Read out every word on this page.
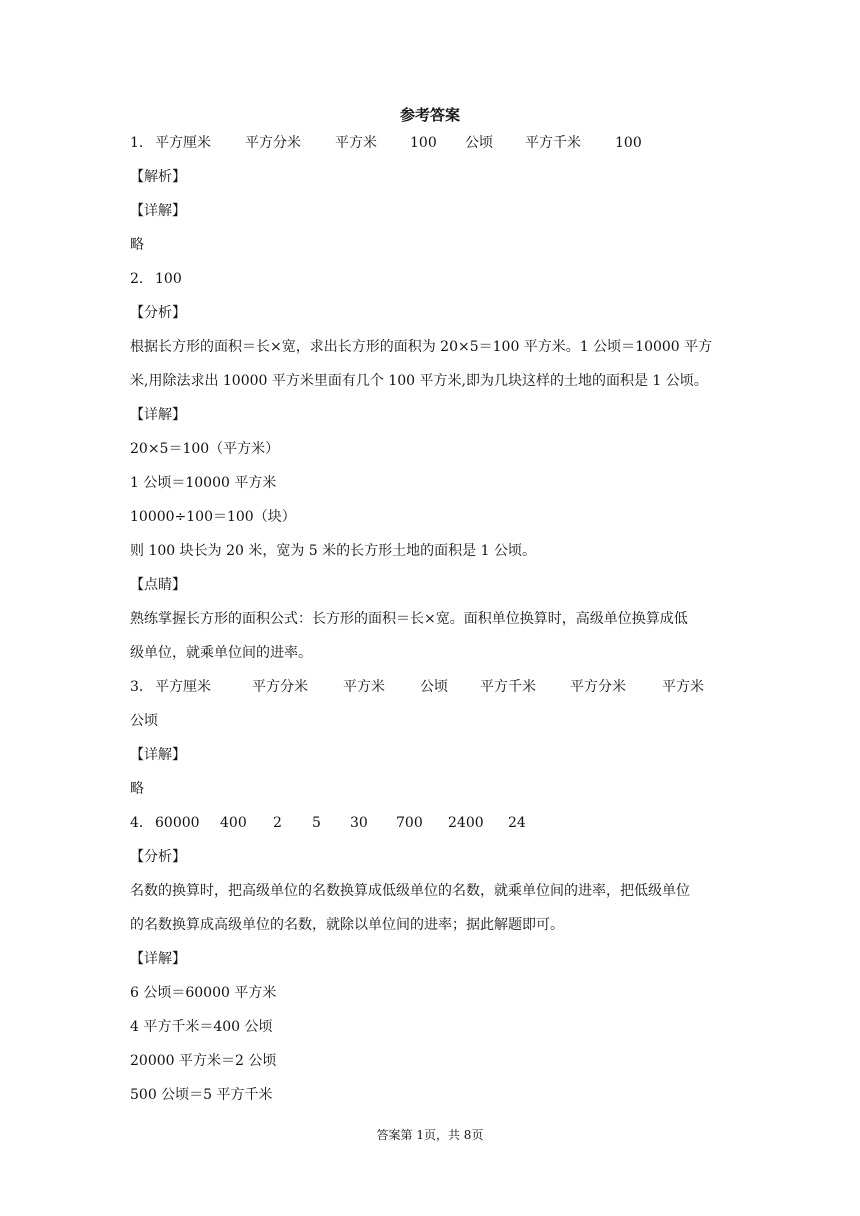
参考答案
1． 平方厘米 平方分米 平方米 100 公顷 平方千米 100
【解析】
【详解】
略
2． 100
【分析】
根据长方形的面积＝长×宽，求出长方形的面积为 20×5＝100 平方米。1 公顷＝10000 平方
米,用除法求出 10000 平方米里面有几个 100 平方米,即为几块这样的土地的面积是 1 公顷。
【详解】
20×5＝100（平方米）
1 公顷＝10000 平方米
10000÷100＝100（块）
则 100 块长为 20 米，宽为 5 米的长方形土地的面积是 1 公顷。
【点睛】
熟练掌握长方形的面积公式：长方形的面积＝长×宽。面积单位换算时，高级单位换算成低
级单位，就乘单位间的进率。
3． 平方厘米	平方分米	平方米	公顷 平方千米 平方分米	平方米
公顷
【详解】
略
4． 60000 400 2 5 30 700 2400 24
【分析】
名数的换算时，把高级单位的名数换算成低级单位的名数，就乘单位间的进率，把低级单位
的名数换算成高级单位的名数，就除以单位间的进率；据此解题即可。
【详解】
6 公顷＝60000 平方米
4 平方千米＝400 公顷
20000 平方米＝2 公顷
500 公顷＝5 平方千米
答案第 1页，共 8页
